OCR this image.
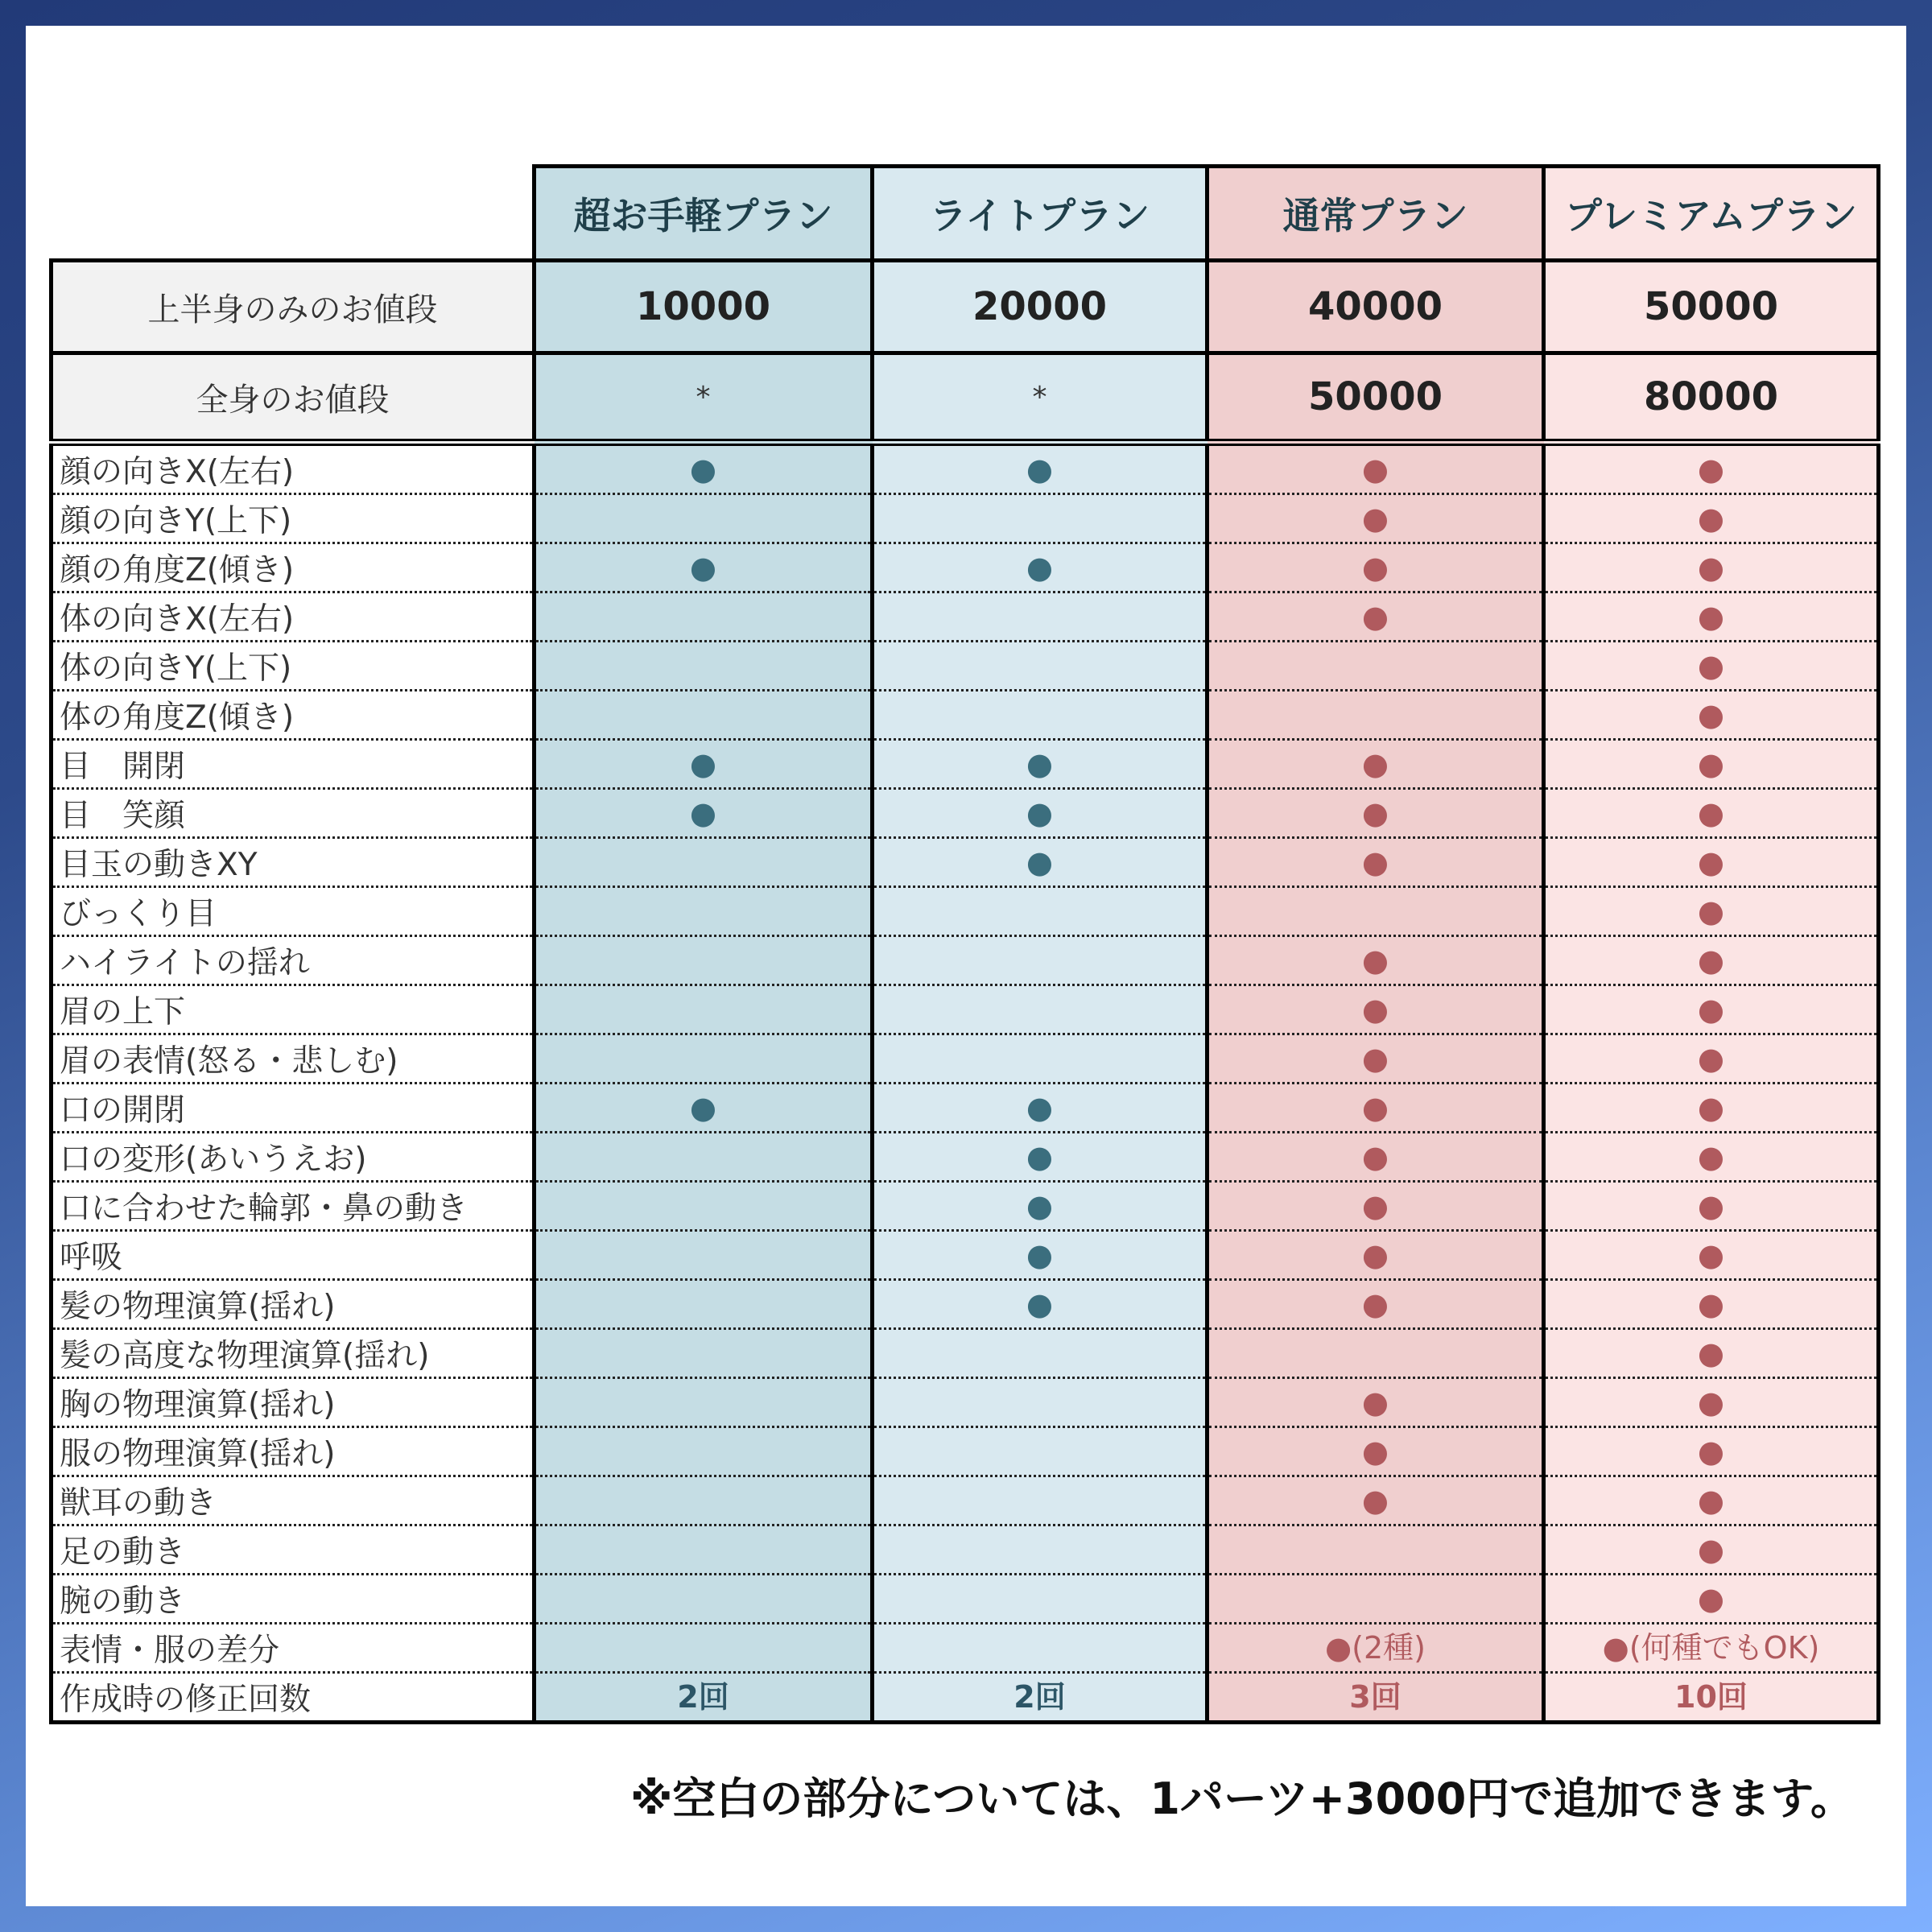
	超お手軽プラン	ライトプラン	通常プラン	プレミアムプラン
上半身のみのお値段	10000	20000	40000	50000
全身のお値段	*	*	50000	80000
顔の向きX(左右)	●	●	●	●
顔の向きY(上下)			●	●
顔の角度Z(傾き)	●	●	●	●
体の向きX(左右)			●	●
体の向きY(上下)				●
体の角度Z(傾き)				●
目　開閉	●	●	●	●
目　笑顔	●	●	●	●
目玉の動きXY		●	●	●
びっくり目				●
ハイライトの揺れ			●	●
眉の上下			●	●
眉の表情(怒る・悲しむ)			●	●
口の開閉	●	●	●	●
口の変形(あいうえお)		●	●	●
口に合わせた輪郭・鼻の動き		●	●	●
呼吸		●	●	●
髪の物理演算(揺れ)		●	●	●
髪の高度な物理演算(揺れ)				●
胸の物理演算(揺れ)			●	●
服の物理演算(揺れ)			●	●
獣耳の動き			●	●
足の動き				●
腕の動き				●
表情・服の差分			●(2種)	●(何種でもOK)
作成時の修正回数	2回	2回	3回	10回
※空白の部分については、1パーツ+3000円で追加できます。
